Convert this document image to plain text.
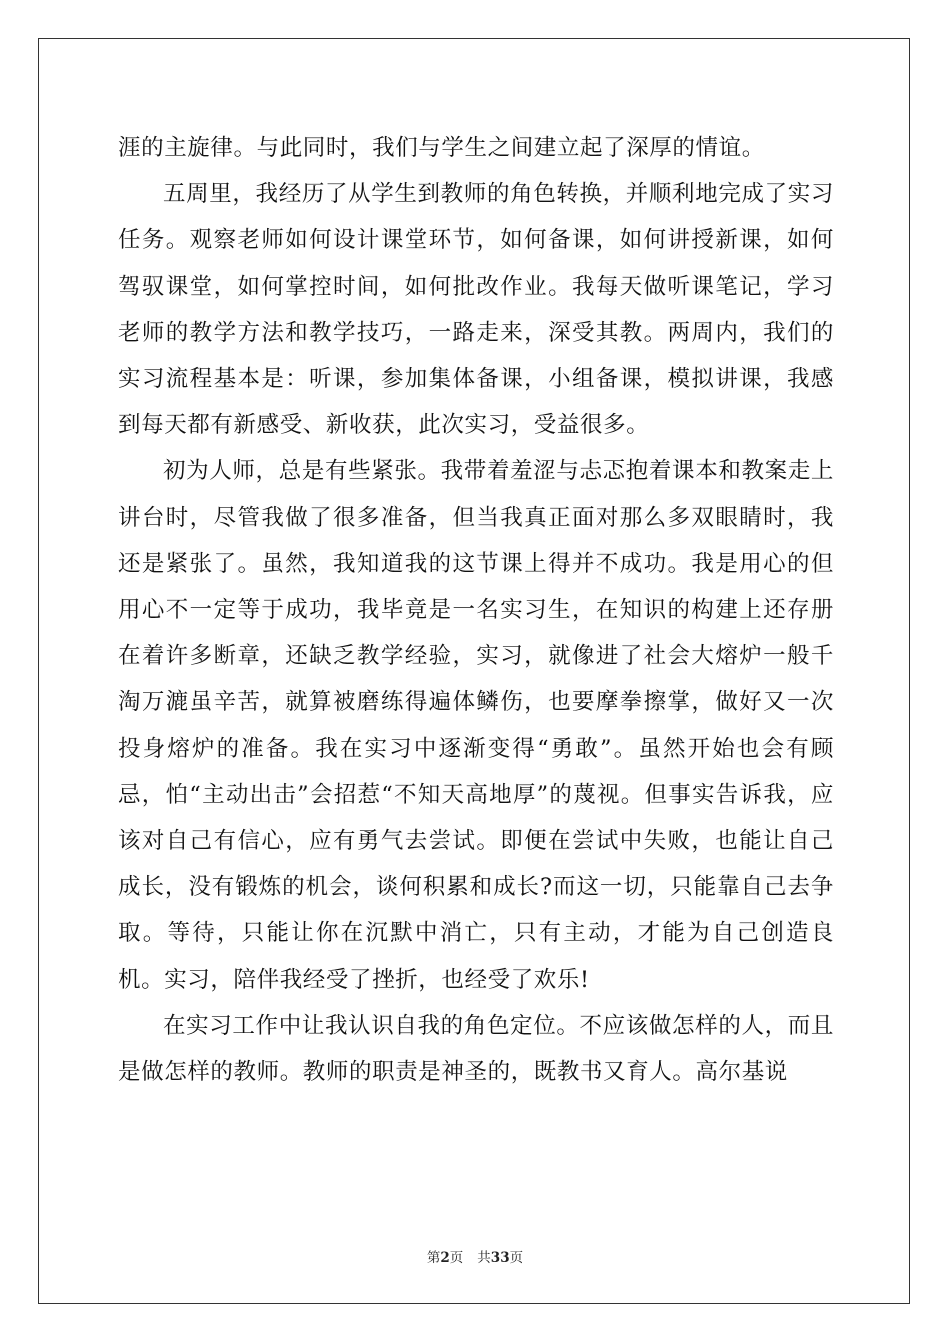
涯的主旋律。与此同时，我们与学生之间建立起了深厚的情谊。

五周里，我经历了从学生到教师的角色转换，并顺利地完成了实习任务。观察老师如何设计课堂环节，如何备课，如何讲授新课，如何驾驭课堂，如何掌控时间，如何批改作业。我每天做听课笔记，学习老师的教学方法和教学技巧，一路走来，深受其教。两周内，我们的实习流程基本是：听课，参加集体备课，小组备课，模拟讲课，我感到每天都有新感受、新收获，此次实习，受益很多。

初为人师，总是有些紧张。我带着羞涩与忐忑抱着课本和教案走上讲台时，尽管我做了很多准备，但当我真正面对那么多双眼睛时，我还是紧张了。虽然，我知道我的这节课上得并不成功。我是用心的但用心不一定等于成功，我毕竟是一名实习生，在知识的构建上还存册在着许多断章，还缺乏教学经验，实习，就像进了社会大熔炉一般千淘万漉虽辛苦，就算被磨练得遍体鳞伤，也要摩拳擦掌，做好又一次投身熔炉的准备。我在实习中逐渐变得“勇敢”。虽然开始也会有顾忌，怕“主动出击”会招惹“不知天高地厚”的蔑视。但事实告诉我，应该对自己有信心，应有勇气去尝试。即便在尝试中失败，也能让自己成长，没有锻炼的机会，谈何积累和成长?而这一切，只能靠自己去争取。等待，只能让你在沉默中消亡，只有主动，才能为自己创造良机。实习，陪伴我经受了挫折，也经受了欢乐!

在实习工作中让我认识自我的角色定位。不应该做怎样的人，而且是做怎样的教师。教师的职责是神圣的，既教书又育人。高尔基说

第2页 共33页
